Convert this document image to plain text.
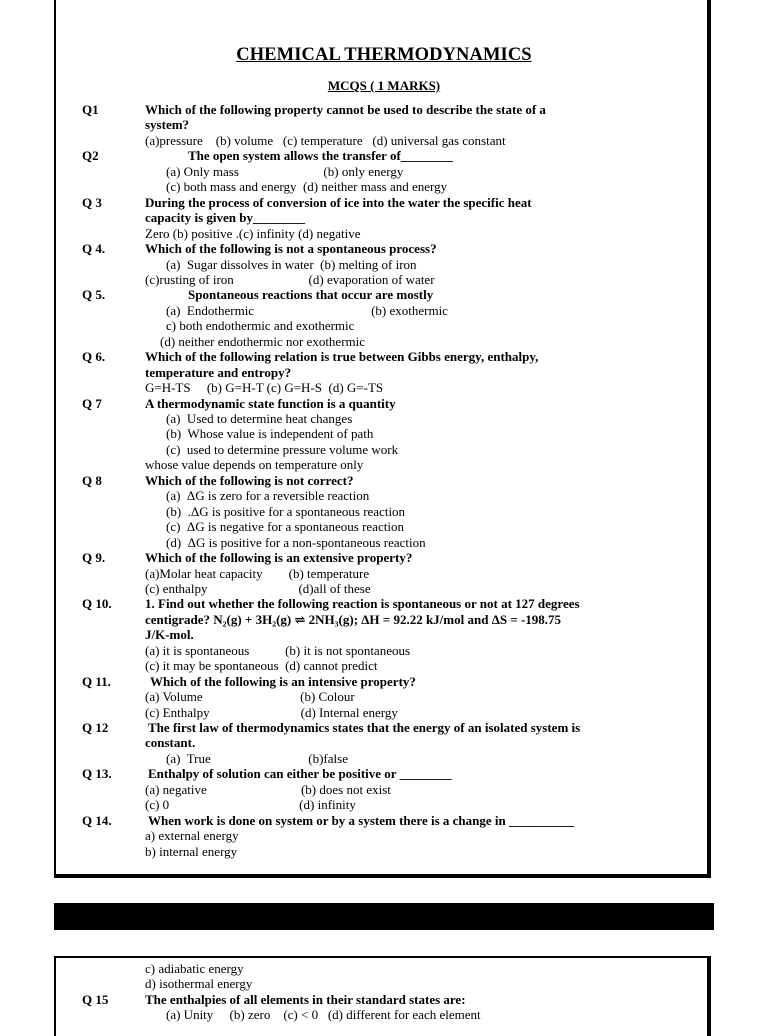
CHEMICAL THERMODYNAMICS
MCQS ( 1 MARKS)
Q1	Which of the following property cannot be used to describe the state of a
system?
(a)pressure    (b) volume   (c) temperature   (d) universal gas constant
Q2	The open system allows the transfer of________
(a) Only mass                          (b) only energy
(c) both mass and energy  (d) neither mass and energy
Q 3	During the process of conversion of ice into the water the specific heat
capacity is given by________
Zero (b) positive .(c) infinity (d) negative
Q 4.	Which of the following is not a spontaneous process?
(a)  Sugar dissolves in water  (b) melting of iron
(c)rusting of iron                       (d) evaporation of water
Q 5.	Spontaneous reactions that occur are mostly
(a)  Endothermic                                    (b) exothermic
c) both endothermic and exothermic
(d) neither endothermic nor exothermic
Q 6.	Which of the following relation is true between Gibbs energy, enthalpy,
temperature and entropy?
G=H-TS     (b) G=H-T (c) G=H-S  (d) G=-TS
Q 7	A thermodynamic state function is a quantity
(a)  Used to determine heat changes
(b)  Whose value is independent of path
(c)  used to determine pressure volume work
whose value depends on temperature only
Q 8	Which of the following is not correct?
(a)  ΔG is zero for a reversible reaction
(b)  .ΔG is positive for a spontaneous reaction
(c)  ΔG is negative for a spontaneous reaction
(d)  ΔG is positive for a non-spontaneous reaction
Q 9.	Which of the following is an extensive property?
(a)Molar heat capacity        (b) temperature
(c) enthalpy                            (d)all of these
Q 10.	1. Find out whether the following reaction is spontaneous or not at 127 degrees
centigrade? N₂(g) + 3H₂(g) ⇌ 2NH₃(g); ΔH = 92.22 kJ/mol and ΔS = -198.75
J/K-mol.
(a) it is spontaneous           (b) it is not spontaneous
(c) it may be spontaneous  (d) cannot predict
Q 11.	Which of the following is an intensive property?
(a) Volume                              (b) Colour
(c) Enthalpy                            (d) Internal energy
Q 12	The first law of thermodynamics states that the energy of an isolated system is
constant.
(a)  True                              (b)false
Q 13.	Enthalpy of solution can either be positive or ________
(a) negative                             (b) does not exist
(c) 0                                        (d) infinity
Q 14.	When work is done on system or by a system there is a change in __________
a) external energy
b) internal energy
c) adiabatic energy
d) isothermal energy
Q 15	The enthalpies of all elements in their standard states are:
(a) Unity     (b) zero    (c) < 0   (d) different for each element
